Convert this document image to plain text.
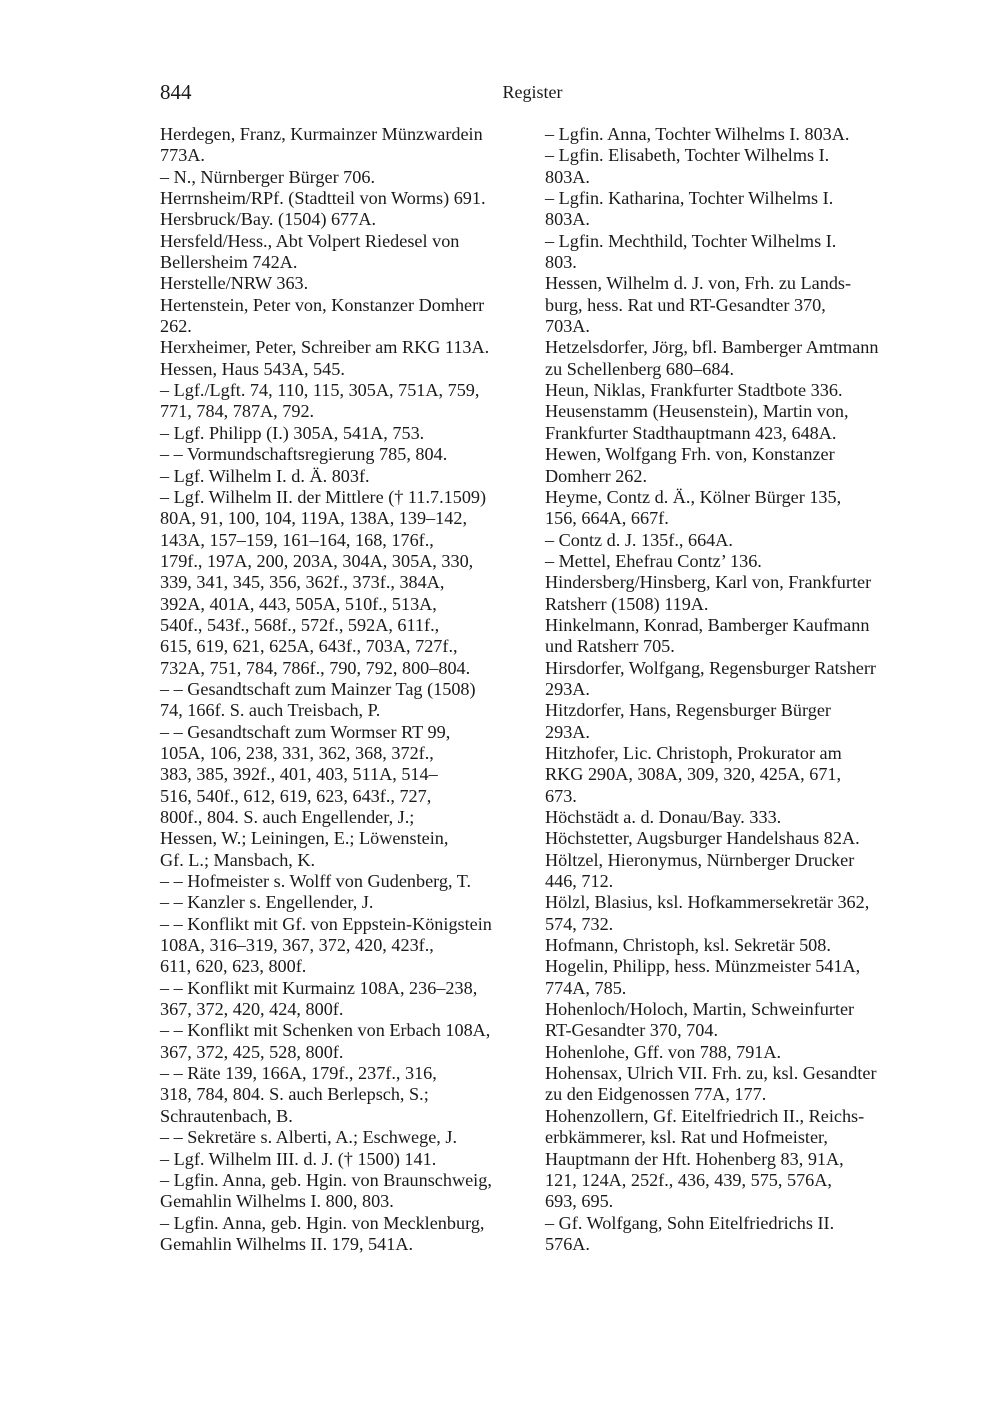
844	Register
Herdegen, Franz, Kurmainzer Münzwardein
773A.
– N., Nürnberger Bürger 706.
Herrnsheim/RPf. (Stadtteil von Worms) 691.
Hersbruck/Bay. (1504) 677A.
Hersfeld/Hess., Abt Volpert Riedesel von
Bellersheim 742A.
Herstelle/NRW 363.
Hertenstein, Peter von, Konstanzer Domherr
262.
Herxheimer, Peter, Schreiber am RKG 113A.
Hessen, Haus 543A, 545.
– Lgf./Lgft. 74, 110, 115, 305A, 751A, 759,
771, 784, 787A, 792.
– Lgf. Philipp (I.) 305A, 541A, 753.
– – Vormundschaftsregierung 785, 804.
– Lgf. Wilhelm I. d. Ä. 803f.
– Lgf. Wilhelm II. der Mittlere († 11.7.1509)
80A, 91, 100, 104, 119A, 138A, 139–142,
143A, 157–159, 161–164, 168, 176f.,
179f., 197A, 200, 203A, 304A, 305A, 330,
339, 341, 345, 356, 362f., 373f., 384A,
392A, 401A, 443, 505A, 510f., 513A,
540f., 543f., 568f., 572f., 592A, 611f.,
615, 619, 621, 625A, 643f., 703A, 727f.,
732A, 751, 784, 786f., 790, 792, 800–804.
– – Gesandtschaft zum Mainzer Tag (1508)
74, 166f. S. auch Treisbach, P.
– – Gesandtschaft zum Wormser RT 99,
105A, 106, 238, 331, 362, 368, 372f.,
383, 385, 392f., 401, 403, 511A, 514–
516, 540f., 612, 619, 623, 643f., 727,
800f., 804. S. auch Engellender, J.;
Hessen, W.; Leiningen, E.; Löwenstein,
Gf. L.; Mansbach, K.
– – Hofmeister s. Wolff von Gudenberg, T.
– – Kanzler s. Engellender, J.
– – Konflikt mit Gf. von Eppstein-Königstein
108A, 316–319, 367, 372, 420, 423f.,
611, 620, 623, 800f.
– – Konflikt mit Kurmainz 108A, 236–238,
367, 372, 420, 424, 800f.
– – Konflikt mit Schenken von Erbach 108A,
367, 372, 425, 528, 800f.
– – Räte 139, 166A, 179f., 237f., 316,
318, 784, 804. S. auch Berlepsch, S.;
Schrautenbach, B.
– – Sekretäre s. Alberti, A.; Eschwege, J.
– Lgf. Wilhelm III. d. J. († 1500) 141.
– Lgfin. Anna, geb. Hgin. von Braunschweig,
Gemahlin Wilhelms I. 800, 803.
– Lgfin. Anna, geb. Hgin. von Mecklenburg,
Gemahlin Wilhelms II. 179, 541A.
– Lgfin. Anna, Tochter Wilhelms I. 803A.
– Lgfin. Elisabeth, Tochter Wilhelms I.
803A.
– Lgfin. Katharina, Tochter Wilhelms I.
803A.
– Lgfin. Mechthild, Tochter Wilhelms I.
803.
Hessen, Wilhelm d. J. von, Frh. zu Lands-
burg, hess. Rat und RT-Gesandter 370,
703A.
Hetzelsdorfer, Jörg, bfl. Bamberger Amtmann
zu Schellenberg 680–684.
Heun, Niklas, Frankfurter Stadtbote 336.
Heusenstamm (Heusenstein), Martin von,
Frankfurter Stadthauptmann 423, 648A.
Hewen, Wolfgang Frh. von, Konstanzer
Domherr 262.
Heyme, Contz d. Ä., Kölner Bürger 135,
156, 664A, 667f.
– Contz d. J. 135f., 664A.
– Mettel, Ehefrau Contz’ 136.
Hindersberg/Hinsberg, Karl von, Frankfurter
Ratsherr (1508) 119A.
Hinkelmann, Konrad, Bamberger Kaufmann
und Ratsherr 705.
Hirsdorfer, Wolfgang, Regensburger Ratsherr
293A.
Hitzdorfer, Hans, Regensburger Bürger
293A.
Hitzhofer, Lic. Christoph, Prokurator am
RKG 290A, 308A, 309, 320, 425A, 671,
673.
Höchstädt a. d. Donau/Bay. 333.
Höchstetter, Augsburger Handelshaus 82A.
Höltzel, Hieronymus, Nürnberger Drucker
446, 712.
Hölzl, Blasius, ksl. Hofkammersekretär 362,
574, 732.
Hofmann, Christoph, ksl. Sekretär 508.
Hogelin, Philipp, hess. Münzmeister 541A,
774A, 785.
Hohenloch/Holoch, Martin, Schweinfurter
RT-Gesandter 370, 704.
Hohenlohe, Gff. von 788, 791A.
Hohensax, Ulrich VII. Frh. zu, ksl. Gesandter
zu den Eidgenossen 77A, 177.
Hohenzollern, Gf. Eitelfriedrich II., Reichs-
erbkämmerer, ksl. Rat und Hofmeister,
Hauptmann der Hft. Hohenberg 83, 91A,
121, 124A, 252f., 436, 439, 575, 576A,
693, 695.
– Gf. Wolfgang, Sohn Eitelfriedrichs II.
576A.
